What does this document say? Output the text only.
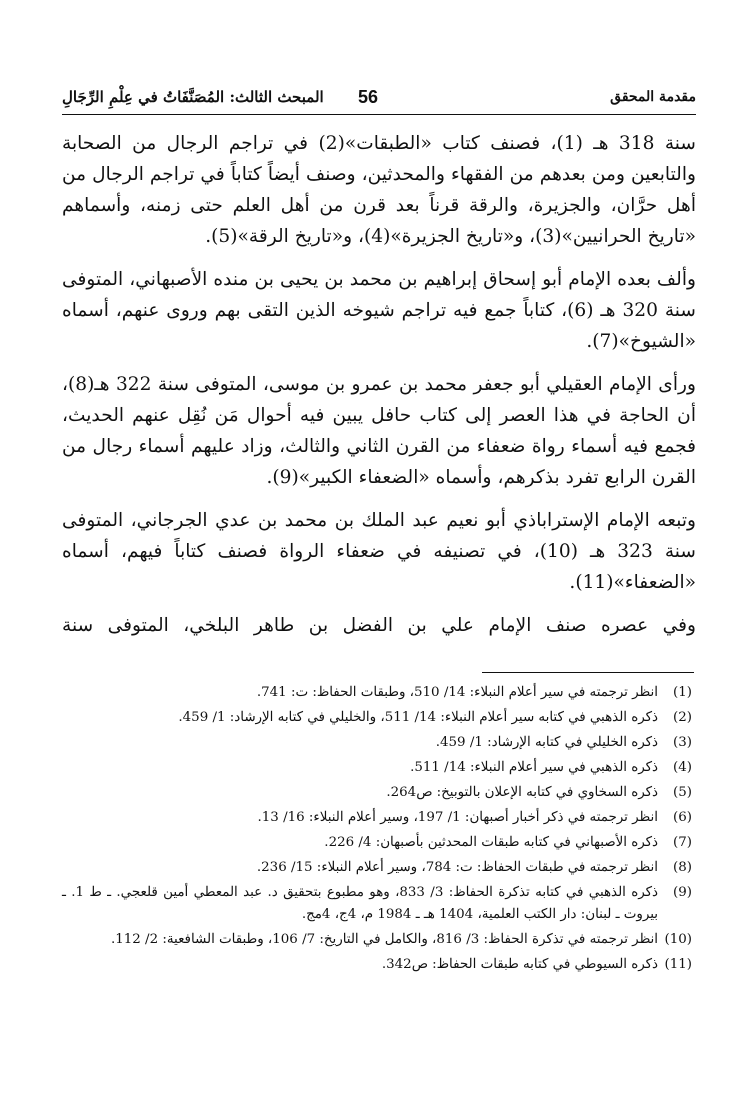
المبحث الثالث: المُصَنَّفَاتُ في عِلْمِ الرِّجَالِ 56	مقدمة المحقق

سنة 318 هـ (1)، فصنف كتاب «الطبقات»(2) في تراجم الرجال من الصحابة والتابعين ومن بعدهم من الفقهاء والمحدثين، وصنف أيضاً كتاباً في تراجم الرجال من أهل حرَّان، والجزيرة، والرقة قرناً بعد قرن من أهل العلم حتى زمنه، وأسماهم «تاريخ الحرانيين»(3)، و«تاريخ الجزيرة»(4)، و«تاريخ الرقة»(5).

وألف بعده الإمام أبو إسحاق إبراهيم بن محمد بن يحيى بن منده الأصبهاني، المتوفى سنة 320 هـ (6)، كتاباً جمع فيه تراجم شيوخه الذين التقى بهم وروى عنهم، أسماه «الشيوخ»(7).

ورأى الإمام العقيلي أبو جعفر محمد بن عمرو بن موسى، المتوفى سنة 322 هـ(8)، أن الحاجة في هذا العصر إلى كتاب حافل يبين فيه أحوال مَن نُقِل عنهم الحديث، فجمع فيه أسماء رواة ضعفاء من القرن الثاني والثالث، وزاد عليهم أسماء رجال من القرن الرابع تفرد بذكرهم، وأسماه «الضعفاء الكبير»(9).

وتبعه الإمام الإستراباذي أبو نعيم عبد الملك بن محمد بن عدي الجرجاني، المتوفى سنة 323 هـ (10)، في تصنيفه في ضعفاء الرواة فصنف كتاباً فيهم، أسماه «الضعفاء»(11).

وفي عصره صنف الإمام علي بن الفضل بن طاهر البلخي، المتوفى سنة

(1)
انظر ترجمته في سير أعلام النبلاء: 14/ 510، وطبقات الحفاظ: ت: 741.
(2)
ذكره الذهبي في كتابه سير أعلام النبلاء: 14/ 511، والخليلي في كتابه الإرشاد: 1/ 459.
(3)
ذكره الخليلي في كتابه الإرشاد: 1/ 459.
(4)
ذكره الذهبي في سير أعلام النبلاء: 14/ 511.
(5)
ذكره السخاوي في كتابه الإعلان بالتوبيخ: ص264.
(6)
انظر ترجمته في ذكر أخبار أصبهان: 1/ 197، وسير أعلام النبلاء: 16/ 13.
(7)
ذكره الأصبهاني في كتابه طبقات المحدثين بأصبهان: 4/ 226.
(8)
انظر ترجمته في طبقات الحفاظ: ت: 784، وسير أعلام النبلاء: 15/ 236.
(9)
ذكره الذهبي في كتابه تذكرة الحفاظ: 3/ 833، وهو مطبوع بتحقيق د. عبد المعطي أمين قلعجي. ـ ط 1. ـ بيروت ـ لبنان: دار الكتب العلمية، 1404 هـ ـ 1984 م، 4ج، 4مج.
(10)
انظر ترجمته في تذكرة الحفاظ: 3/ 816، والكامل في التاريخ: 7/ 106، وطبقات الشافعية: 2/ 112.
(11)
ذكره السيوطي في كتابه طبقات الحفاظ: ص342.
